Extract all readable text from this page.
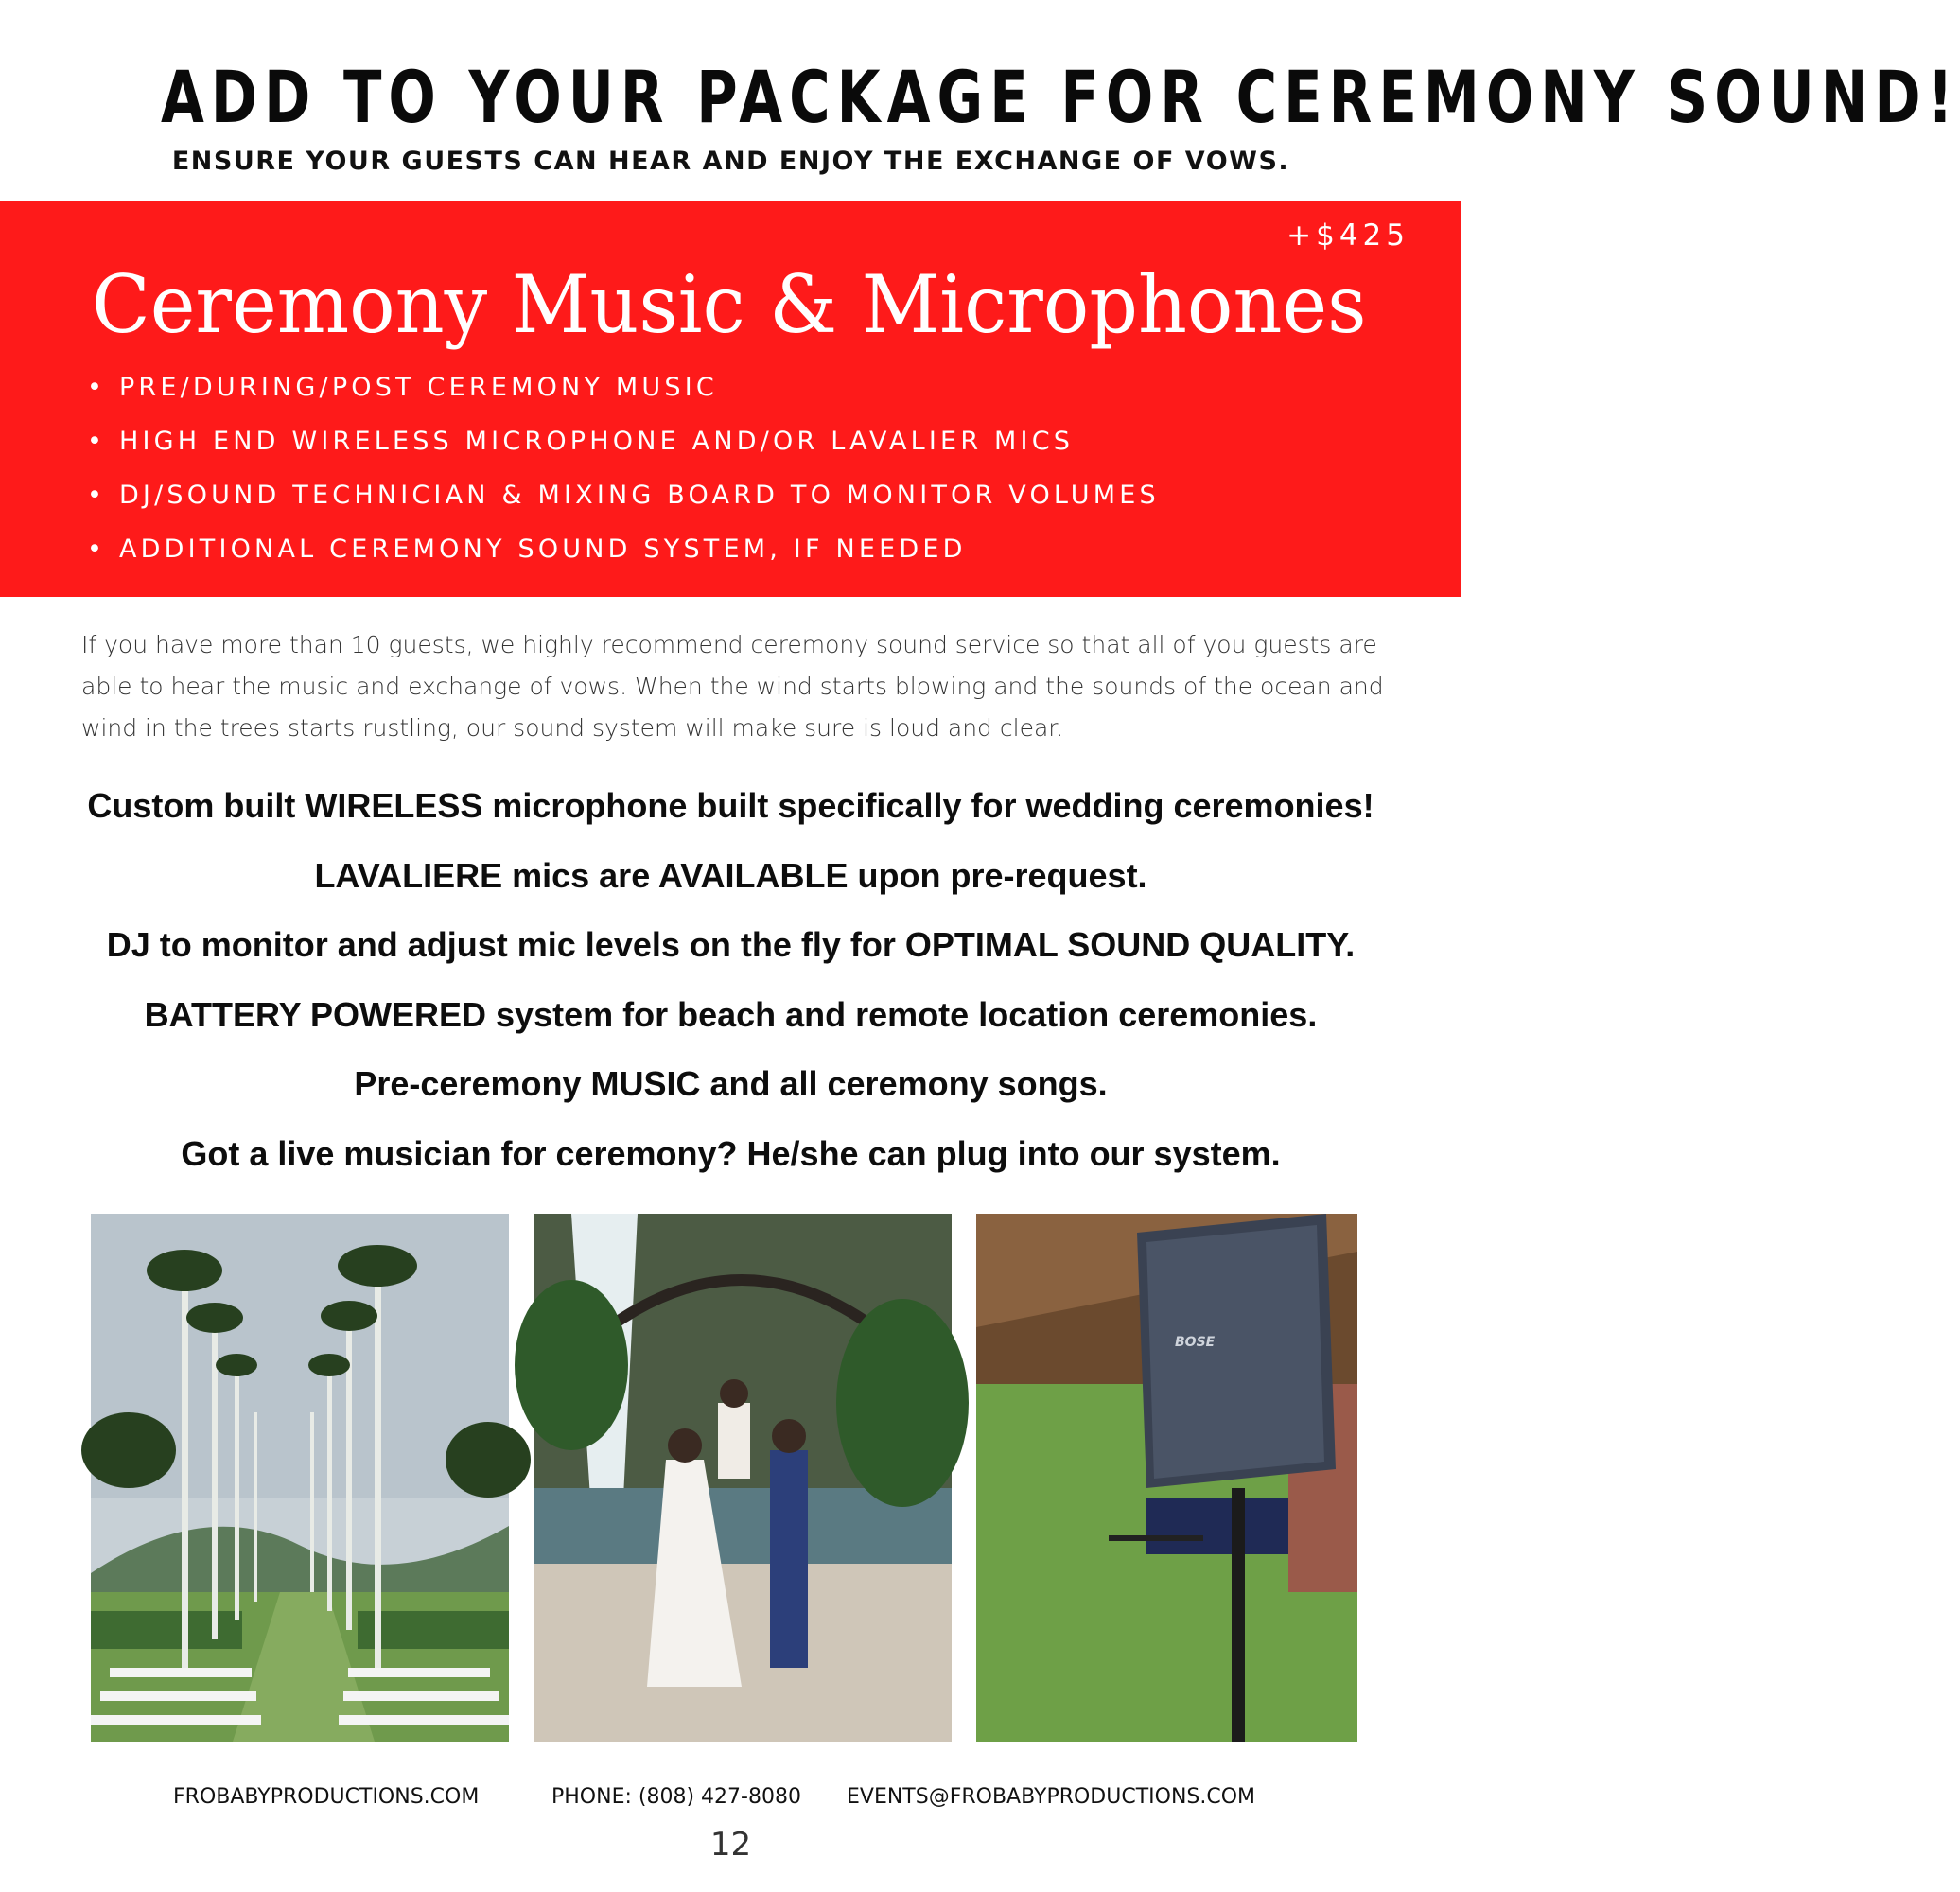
ADD TO YOUR PACKAGE FOR CEREMONY SOUND!
ENSURE YOUR GUESTS CAN HEAR AND ENJOY THE EXCHANGE OF VOWS.
+$425
Ceremony Music & Microphones
• PRE/DURING/POST CEREMONY MUSIC
• HIGH END WIRELESS MICROPHONE AND/OR LAVALIER MICS
• DJ/SOUND TECHNICIAN & MIXING BOARD TO MONITOR VOLUMES
• ADDITIONAL CEREMONY SOUND SYSTEM, IF NEEDED

If you have more than 10 guests, we highly recommend ceremony sound service so that all of you guests are able to hear the music and exchange of vows. When the wind starts blowing and the sounds of the ocean and wind in the trees starts rustling, our sound system will make sure is loud and clear.

Custom built WIRELESS microphone built specifically for wedding ceremonies!
LAVALIERE mics are AVAILABLE upon pre-request.
DJ to monitor and adjust mic levels on the fly for OPTIMAL SOUND QUALITY.
BATTERY POWERED system for beach and remote location ceremonies.
Pre-ceremony MUSIC and all ceremony songs.
Got a live musician for ceremony? He/she can plug into our system.
BOSE
FROBABYPRODUCTIONS.COM	PHONE: (808) 427-8080 EVENTS@FROBABYPRODUCTIONS.COM
12
